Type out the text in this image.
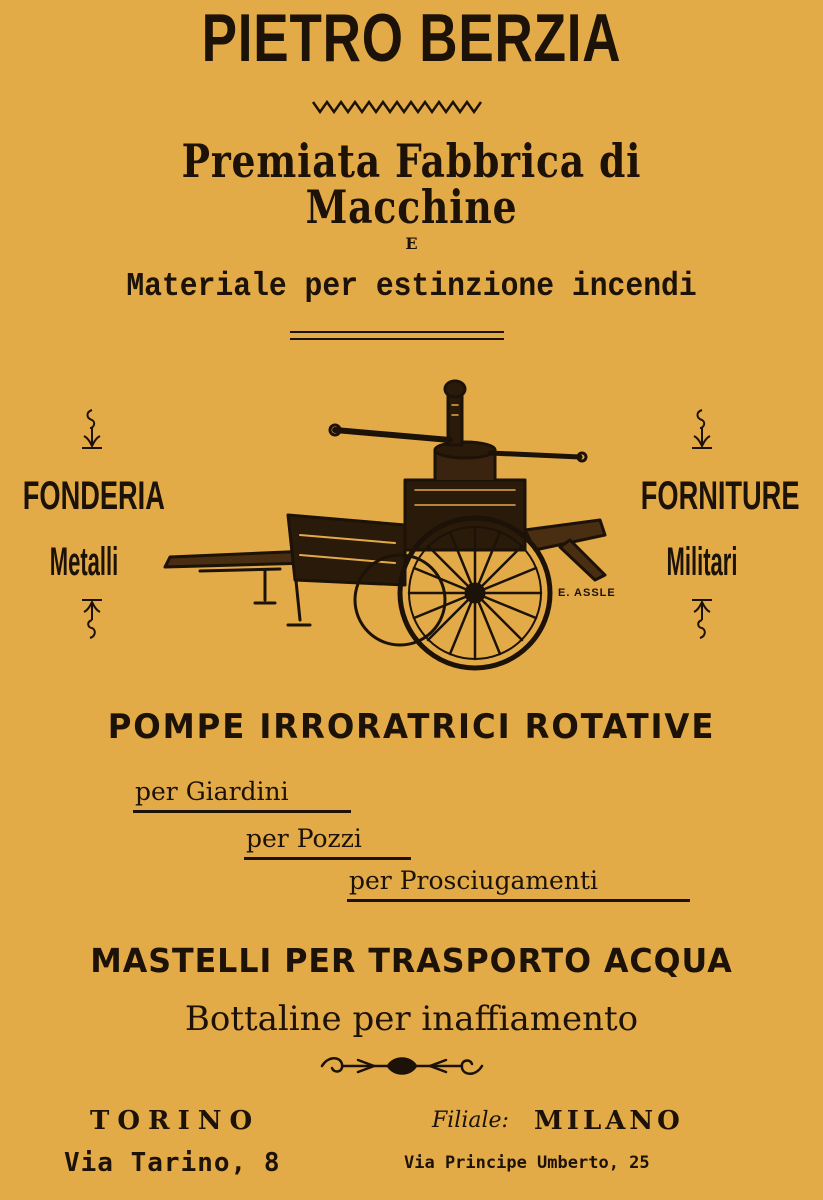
PIETRO BERZIA
Premiata Fabbrica di Macchine
E
Materiale per estinzione incendi
FONDERIA
Metalli
FORNITURE
Militari
E. ASSLE
POMPE IRRORATRICI ROTATIVE
per Giardini
per Pozzi
per Prosciugamenti
MASTELLI PER TRASPORTO ACQUA
Bottaline per inaffiamento
TORINO
Via Tarino, 8
Filiale: MILANO
Via Principe Umberto, 25
